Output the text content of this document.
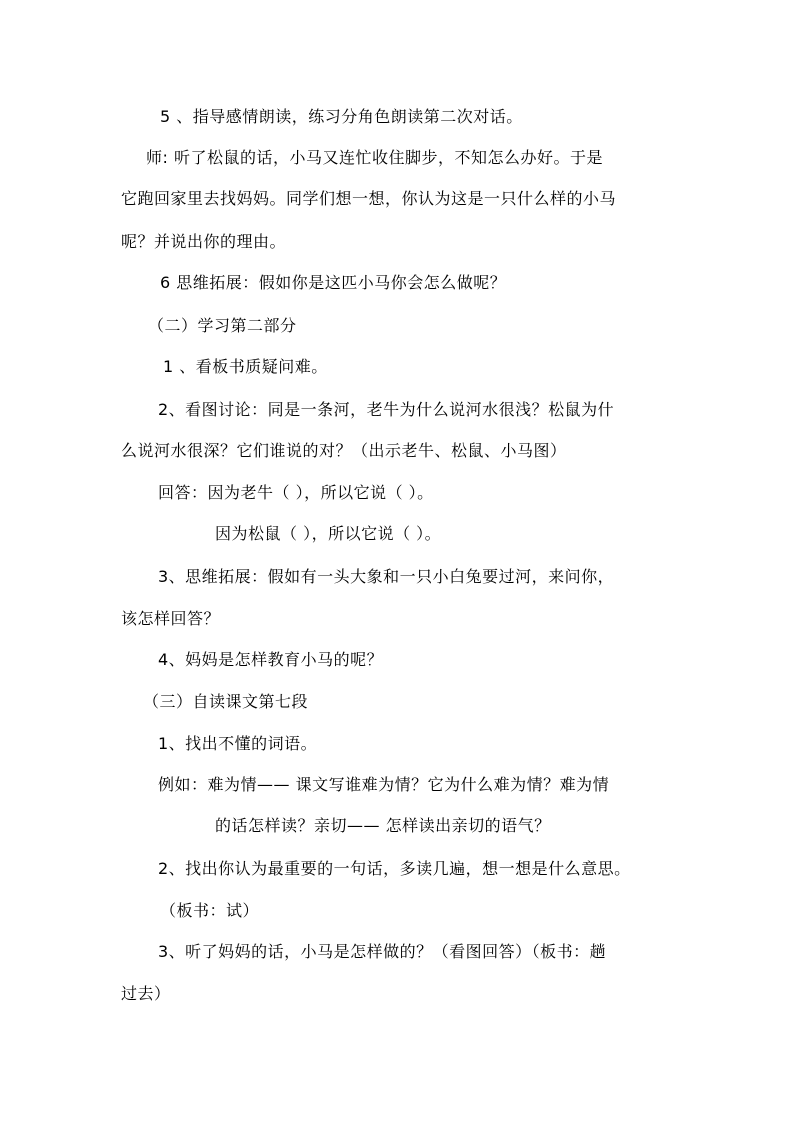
5 、指导感情朗读，练习分角色朗读第二次对话。
师: 听了松鼠的话，小马又连忙收住脚步，不知怎么办好。于是
它跑回家里去找妈妈。同学们想一想，你认为这是一只什么样的小马
呢？并说出你的理由。
6 思维拓展：假如你是这匹小马你会怎么做呢？
（二）学习第二部分
1 、看板书质疑问难。
2、看图讨论：同是一条河，老牛为什么说河水很浅？松鼠为什
么说河水很深？它们谁说的对？（出示老牛、松鼠、小马图）
回答：因为老牛（ ），所以它说（ ）。
因为松鼠（ ），所以它说（ ）。
3、思维拓展：假如有一头大象和一只小白兔要过河，来问你，
该怎样回答？
4、妈妈是怎样教育小马的呢？
（三）自读课文第七段
1、找出不懂的词语。
例如：难为情—— 课文写谁难为情？它为什么难为情？难为情
的话怎样读？亲切—— 怎样读出亲切的语气？
2、找出你认为最重要的一句话，多读几遍，想一想是什么意思。
（板书：试）
3、听了妈妈的话，小马是怎样做的？（看图回答）（板书：趟
过去）
